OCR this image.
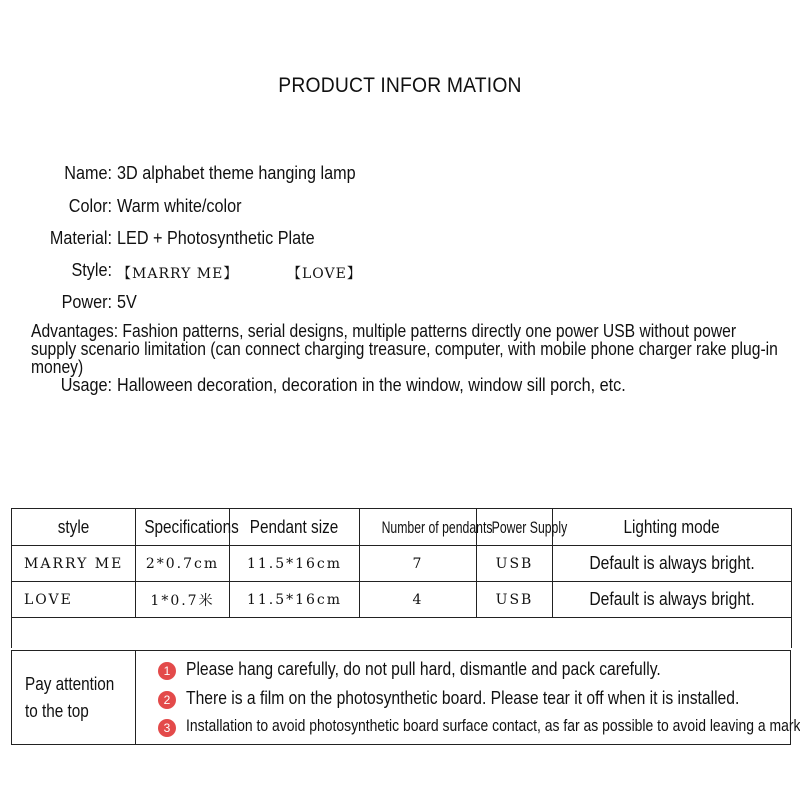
PRODUCT INFOR MATION
Name: 3D alphabet theme hanging lamp
Color: Warm white/color
Material: LED + Photosynthetic Plate
Style: 【MARRY ME】	【LOVE】
Power: 5V
Advantages: Fashion patterns, serial designs, multiple patterns directly one power USB without power supply scenario limitation (can connect charging treasure, computer, with mobile phone charger rake plug-in money)
Usage: Halloween decoration, decoration in the window, window sill porch, etc.
style	Specifications	Pendant size	Number of pendants	Power Supply	Lighting mode
MARRY ME	2*0.7cm	11.5*16cm	7	USB	Default is always bright.
LOVE	1*0.7米	11.5*16cm	4	USB	Default is always bright.

Pay attention
to the top
1 Please hang carefully, do not pull hard, dismantle and pack carefully.
2 There is a film on the photosynthetic board. Please tear it off when it is installed.
3 Installation to avoid photosynthetic board surface contact, as far as possible to avoid leaving a mark
